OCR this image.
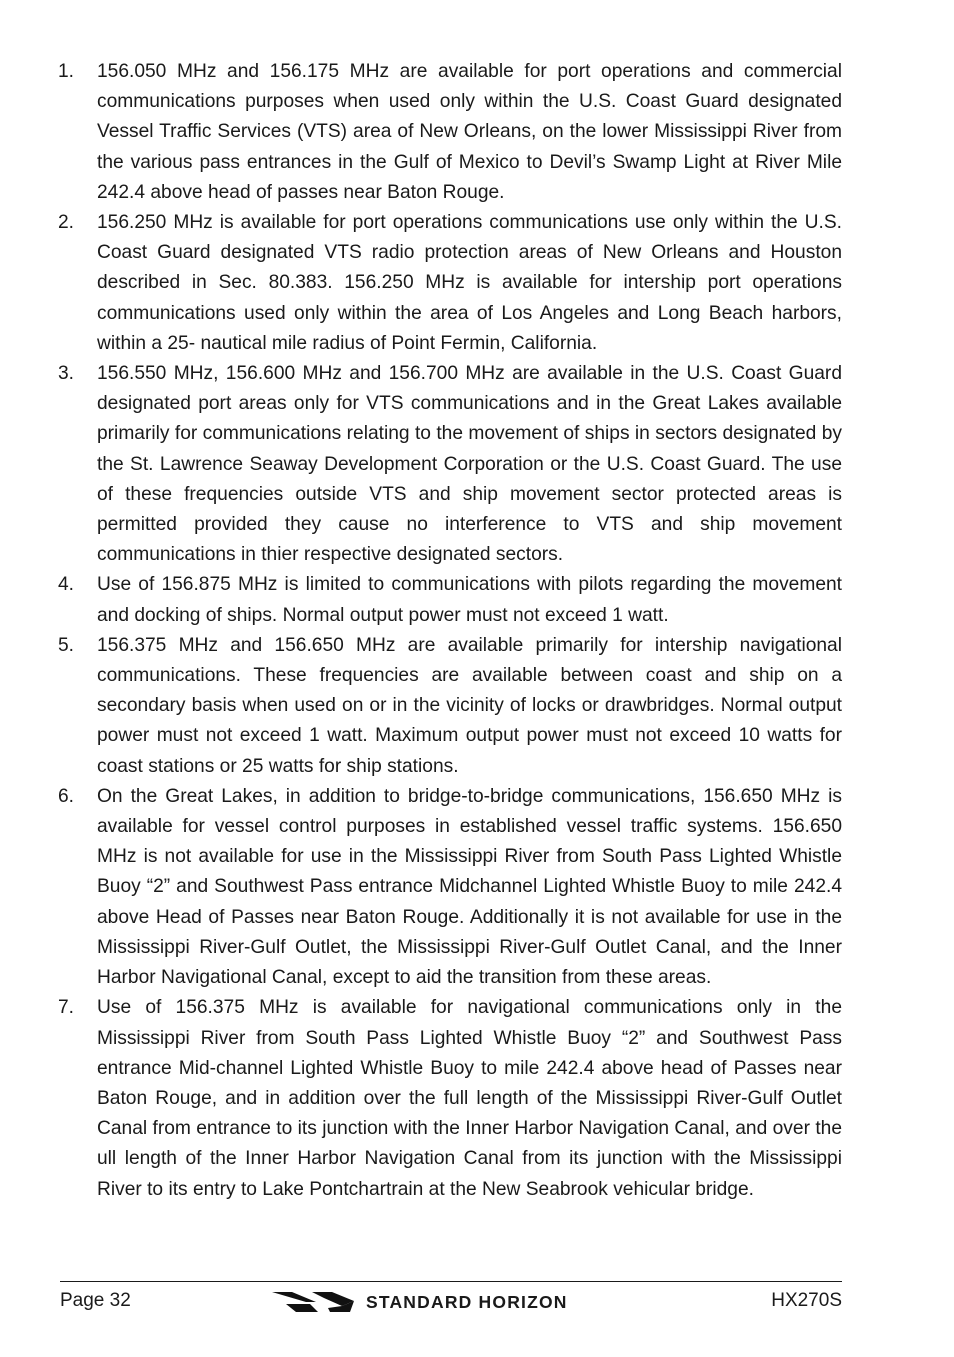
1. 156.050 MHz and 156.175 MHz are available for port operations and commercial communications purposes when used only within the U.S. Coast Guard designated Vessel Traffic Services (VTS) area of New Orleans, on the lower Mississippi River from the various pass entrances in the Gulf of Mexico to Devil’s Swamp Light at River Mile 242.4 above head of passes near Baton Rouge.
2. 156.250 MHz is available for port operations communications use only within the U.S. Coast Guard designated VTS radio protection areas of New Orleans and Houston described in Sec. 80.383. 156.250 MHz is available for intership port operations communications used only within the area of Los Angeles and Long Beach harbors, within a 25- nautical mile radius of Point Fermin, California.
3. 156.550 MHz, 156.600 MHz and 156.700 MHz are available in the U.S. Coast Guard designated port areas only for VTS communications and in the Great Lakes available primarily for communications relating to the movement of ships in sectors designated by the St. Lawrence Seaway Development Corporation or the U.S. Coast Guard. The use of these frequencies outside VTS and ship movement sector protected areas is permitted provided they cause no interference to VTS and ship movement communications in thier respective designated sectors.
4. Use of 156.875 MHz is limited to communications with pilots regarding the movement and docking of ships. Normal output power must not exceed 1 watt.
5. 156.375 MHz and 156.650 MHz are available primarily for intership navigational communications. These frequencies are available between coast and ship on a secondary basis when used on or in the vicinity of locks or drawbridges. Normal output power must not exceed 1 watt. Maximum output power must not exceed 10 watts for coast stations or 25 watts for ship stations.
6. On the Great Lakes, in addition to bridge-to-bridge communications, 156.650 MHz is available for vessel control purposes in established vessel traffic systems. 156.650 MHz is not available for use in the Mississippi River from South Pass Lighted Whistle Buoy “2” and Southwest Pass entrance Midchannel Lighted Whistle Buoy to mile 242.4 above Head of Passes near Baton Rouge. Additionally it is not available for use in the Mississippi River-Gulf Outlet, the Mississippi River-Gulf Outlet Canal, and the Inner Harbor Navigational Canal, except to aid the transition from these areas.
7. Use of 156.375 MHz is available for navigational communications only in the Mississippi River from South Pass Lighted Whistle Buoy “2” and Southwest Pass entrance Mid-channel Lighted Whistle Buoy to mile 242.4 above head of Passes near Baton Rouge, and in addition over the full length of the Mississippi River-Gulf Outlet Canal from entrance to its junction with the Inner Harbor Navigation Canal, and over the ull length of the Inner Harbor Navigation Canal from its junction with the Mississippi River to its entry to Lake Pontchartrain at the New Seabrook vehicular bridge.
Page 32	STANDARD HORIZON	HX270S
